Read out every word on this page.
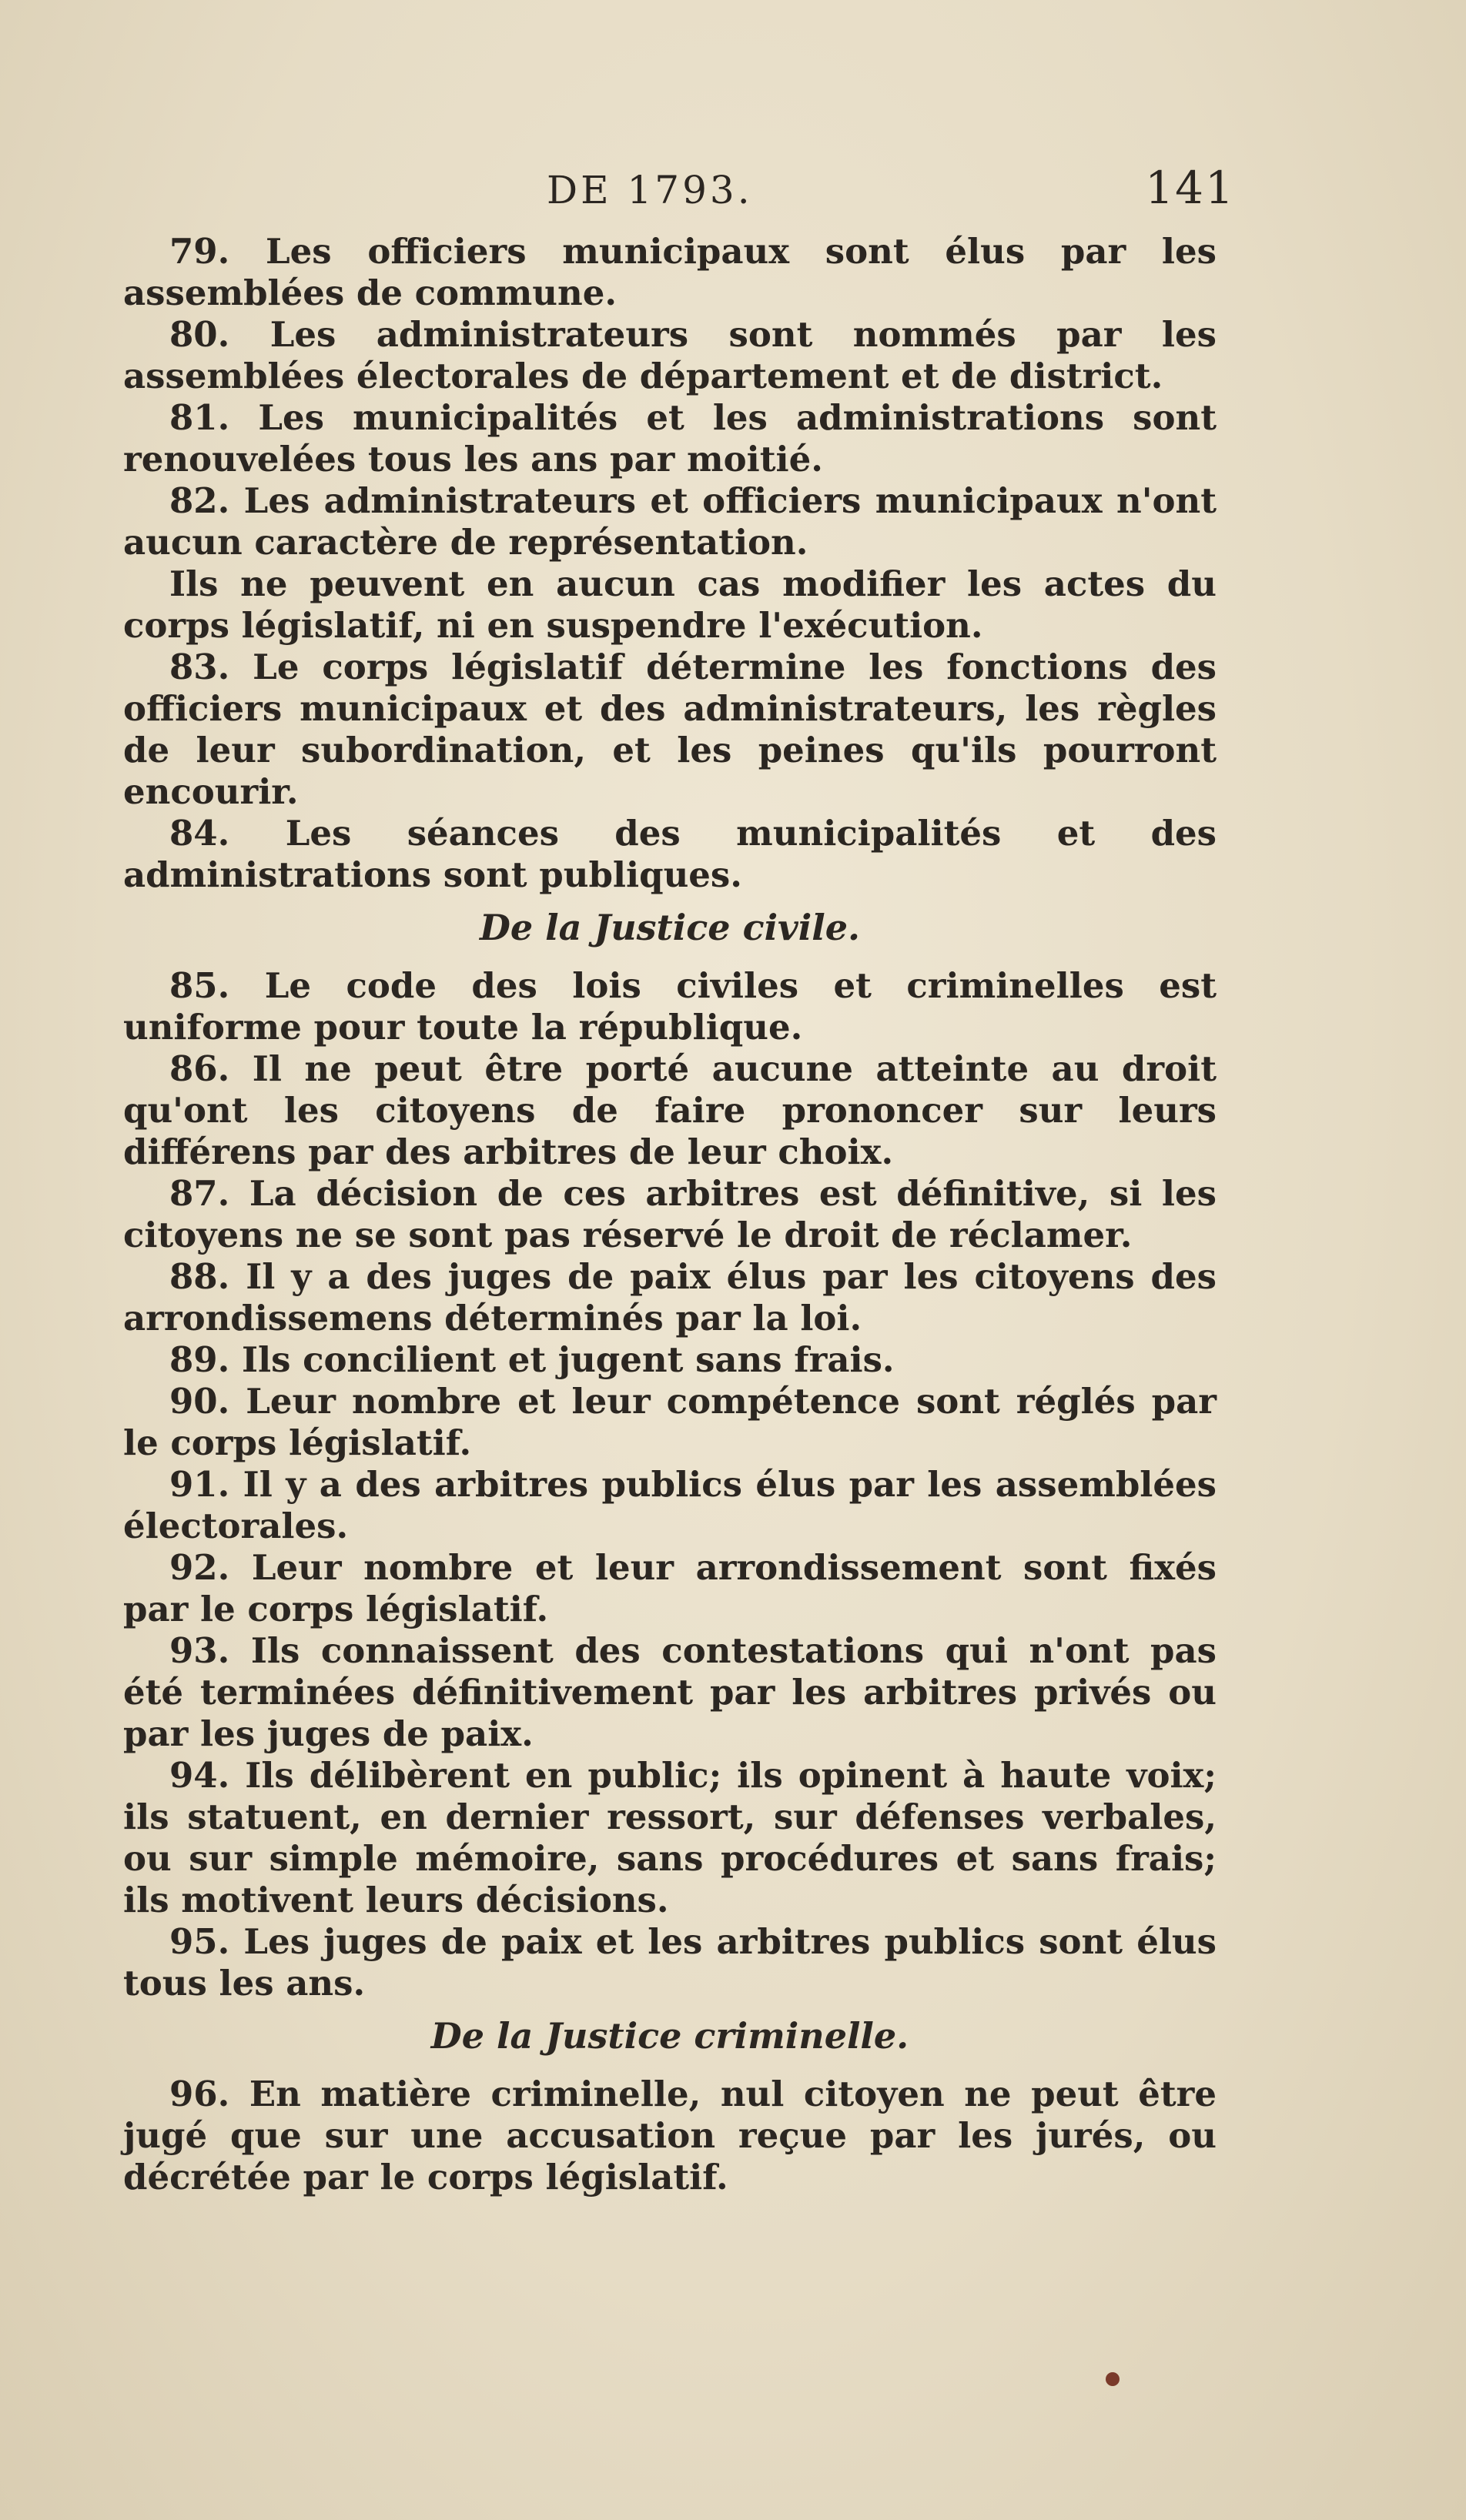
DE 1793.	141

79. Les officiers municipaux sont élus par les assemblées de commune.

80. Les administrateurs sont nommés par les assemblées électorales de département et de district.

81. Les municipalités et les administrations sont renouvelées tous les ans par moitié.

82. Les administrateurs et officiers municipaux n'ont aucun caractère de représentation.

Ils ne peuvent en aucun cas modifier les actes du corps législatif, ni en suspendre l'exécution.

83. Le corps législatif détermine les fonctions des officiers municipaux et des administrateurs, les règles de leur subordination, et les peines qu'ils pourront encourir.

84. Les séances des municipalités et des administrations sont publiques.

De la Justice civile.

85. Le code des lois civiles et criminelles est uniforme pour toute la république.

86. Il ne peut être porté aucune atteinte au droit qu'ont les citoyens de faire prononcer sur leurs différens par des arbitres de leur choix.

87. La décision de ces arbitres est définitive, si les citoyens ne se sont pas réservé le droit de réclamer.

88. Il y a des juges de paix élus par les citoyens des arrondissemens déterminés par la loi.

89. Ils concilient et jugent sans frais.

90. Leur nombre et leur compétence sont réglés par le corps législatif.

91. Il y a des arbitres publics élus par les assemblées électorales.

92. Leur nombre et leur arrondissement sont fixés par le corps législatif.

93. Ils connaissent des contestations qui n'ont pas été terminées définitivement par les arbitres privés ou par les juges de paix.

94. Ils délibèrent en public; ils opinent à haute voix; ils statuent, en dernier ressort, sur défenses verbales, ou sur simple mémoire, sans procédures et sans frais; ils motivent leurs décisions.

95. Les juges de paix et les arbitres publics sont élus tous les ans.

De la Justice criminelle.

96. En matière criminelle, nul citoyen ne peut être jugé que sur une accusation reçue par les jurés, ou décrétée par le corps législatif.
